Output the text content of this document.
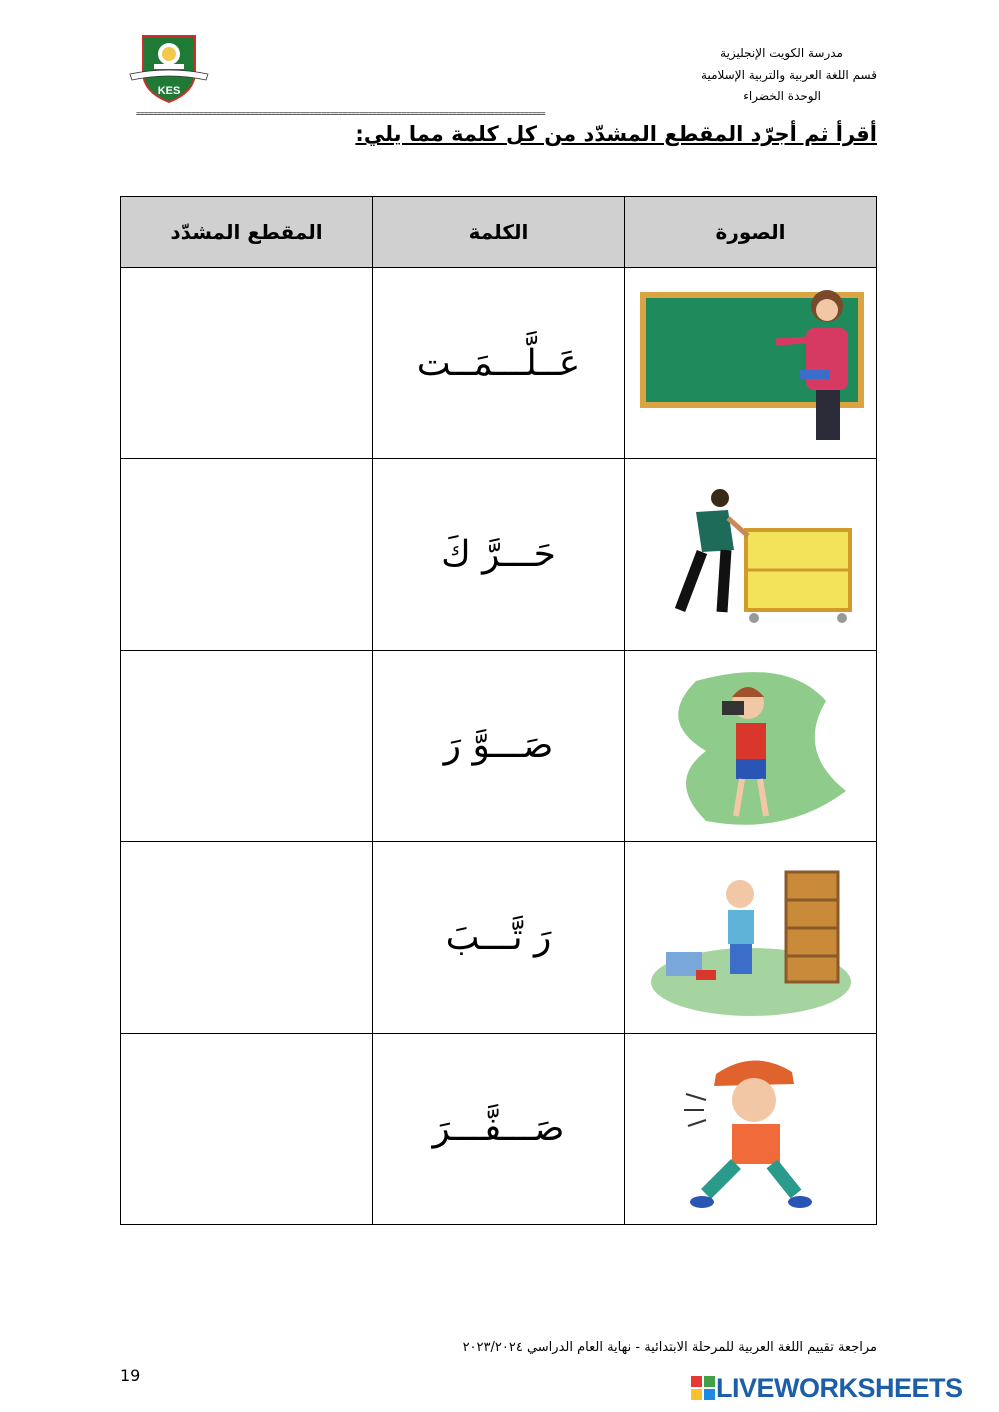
KES
مدرسة الكويت الإنجليزية
قسم اللغة العربية والتربية الإسلامية
الوحدة الخضراء
=================================================================================================
أقرأ ثم أجرّد المقطع المشدّد من كل كلمة مما يلي:
الصورة	الكلمة	المقطع المشدّد

	عَــلَّـــمَــت	

	حَـــرَّ كَ	

	صَـــوَّ رَ	

	رَ تَّـــبَ	

	صَـــفَّـــرَ	
مراجعة تقييم اللغة العربية للمرحلة الابتدائية - نهاية العام الدراسي ٢٠٢٣/٢٠٢٤
19	LIVEWORKSHEETS
